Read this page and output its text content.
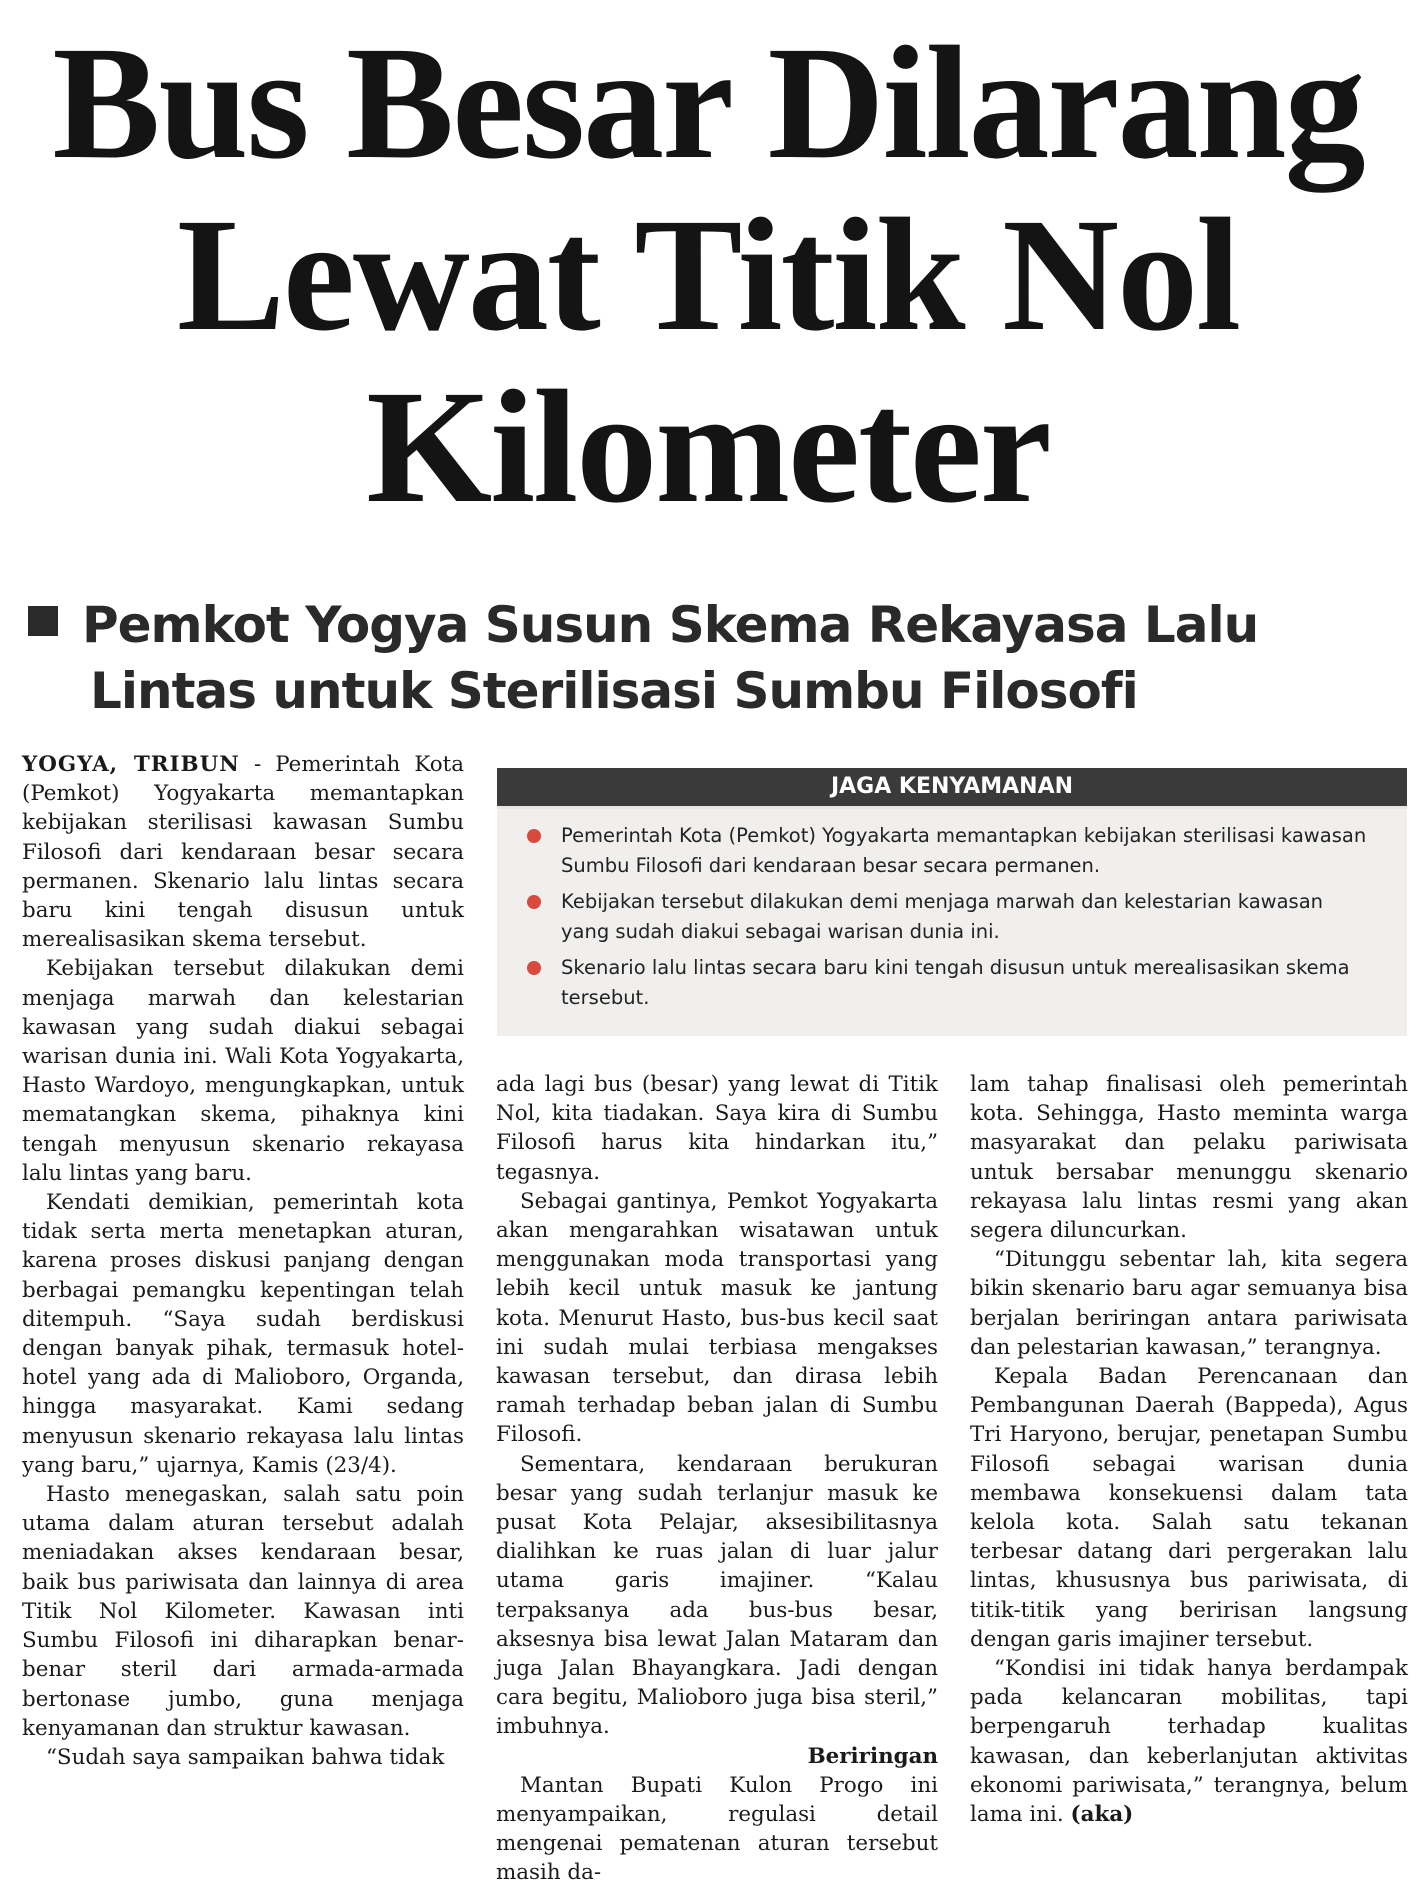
Bus Besar Dilarang
Lewat Titik Nol
Kilometer
Pemkot Yogya Susun Skema Rekayasa Lalu
Lintas untuk Sterilisasi Sumbu Filosofi

YOGYA, TRIBUN - Pemerintah Kota (Pemkot) Yogyakarta memantapkan kebijakan sterilisasi kawasan Sumbu Filosofi dari kendaraan besar secara permanen. Skenario lalu lintas secara baru kini tengah disusun untuk merealisasikan skema tersebut.

Kebijakan tersebut dilakukan demi menjaga marwah dan kelestarian kawasan yang sudah diakui sebagai warisan dunia ini. Wali Kota Yogyakarta, Hasto Wardoyo, mengungkapkan, untuk mematangkan skema, pihaknya kini tengah menyusun skenario rekayasa lalu lintas yang baru.

Kendati demikian, pemerintah kota tidak serta merta menetapkan aturan, karena proses diskusi panjang dengan berbagai pemangku kepentingan telah ditempuh. “Saya sudah berdiskusi dengan banyak pihak, termasuk hotel-hotel yang ada di Malioboro, Organda, hingga masyarakat. Kami sedang menyusun skenario rekayasa lalu lintas yang baru,” ujarnya, Kamis (23/4).

Hasto menegaskan, salah satu poin utama dalam aturan tersebut adalah meniadakan akses kendaraan besar, baik bus pariwisata dan lainnya di area Titik Nol Kilometer. Kawasan inti Sumbu Filosofi ini diharapkan benar-benar steril dari armada-armada bertonase jumbo, guna menjaga kenyamanan dan struktur kawasan.

“Sudah saya sampaikan bahwa tidak

JAGA KENYAMANAN
Pemerintah Kota (Pemkot) Yogyakarta memantapkan kebijakan sterilisasi kawasan Sumbu Filosofi dari kendaraan besar secara permanen.
Kebijakan tersebut dilakukan demi menjaga marwah dan kelestarian kawasan yang sudah diakui sebagai warisan dunia ini.
Skenario lalu lintas secara baru kini tengah disusun untuk merealisasikan skema tersebut.

ada lagi bus (besar) yang lewat di Titik Nol, kita tiadakan. Saya kira di Sumbu Filosofi harus kita hindarkan itu,” tegasnya.

Sebagai gantinya, Pemkot Yogyakarta akan mengarahkan wisatawan untuk menggunakan moda transportasi yang lebih kecil untuk masuk ke jantung kota. Menurut Hasto, bus-bus kecil saat ini sudah mulai terbiasa mengakses kawasan tersebut, dan dirasa lebih ramah terhadap beban jalan di Sumbu Filosofi.

Sementara, kendaraan berukuran besar yang sudah terlanjur masuk ke pusat Kota Pelajar, aksesibilitasnya dialihkan ke ruas jalan di luar jalur utama garis imajiner. “Kalau terpaksanya ada bus-bus besar, aksesnya bisa lewat Jalan Mataram dan juga Jalan Bhayangkara. Jadi dengan cara begitu, Malioboro juga bisa steril,” imbuhnya.

Beriringan

Mantan Bupati Kulon Progo ini menyampaikan, regulasi detail mengenai pematenan aturan tersebut masih da-

lam tahap finalisasi oleh pemerintah kota. Sehingga, Hasto meminta warga masyarakat dan pelaku pariwisata untuk bersabar menunggu skenario rekayasa lalu lintas resmi yang akan segera diluncurkan.

“Ditunggu sebentar lah, kita segera bikin skenario baru agar semuanya bisa berjalan beriringan antara pariwisata dan pelestarian kawasan,” terangnya.

Kepala Badan Perencanaan dan Pembangunan Daerah (Bappeda), Agus Tri Haryono, berujar, penetapan Sumbu Filosofi sebagai warisan dunia membawa konsekuensi dalam tata kelola kota. Salah satu tekanan terbesar datang dari pergerakan lalu lintas, khususnya bus pariwisata, di titik-titik yang beririsan langsung dengan garis imajiner tersebut.

“Kondisi ini tidak hanya berdampak pada kelancaran mobilitas, tapi berpengaruh terhadap kualitas kawasan, dan keberlanjutan aktivitas ekonomi pariwisata,” terangnya, belum lama ini. (aka)
